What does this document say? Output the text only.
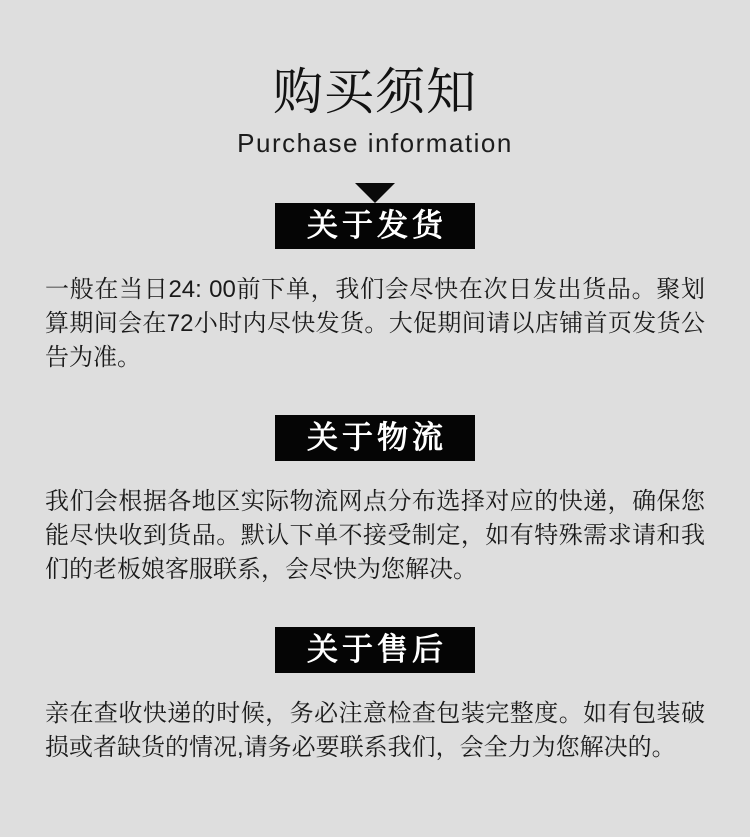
购买须知
Purchase information
关于发货
一般在当日24: 00前下单，我们会尽快在次日发出货品。聚划算期间会在72小时内尽快发货。大促期间请以店铺首页发货公告为准。
关于物流
我们会根据各地区实际物流网点分布选择对应的快递，确保您能尽快收到货品。默认下单不接受制定，如有特殊需求请和我们的老板娘客服联系，会尽快为您解决。
关于售后
亲在查收快递的时候，务必注意检查包装完整度。如有包装破损或者缺货的情况,请务必要联系我们，会全力为您解决的。
